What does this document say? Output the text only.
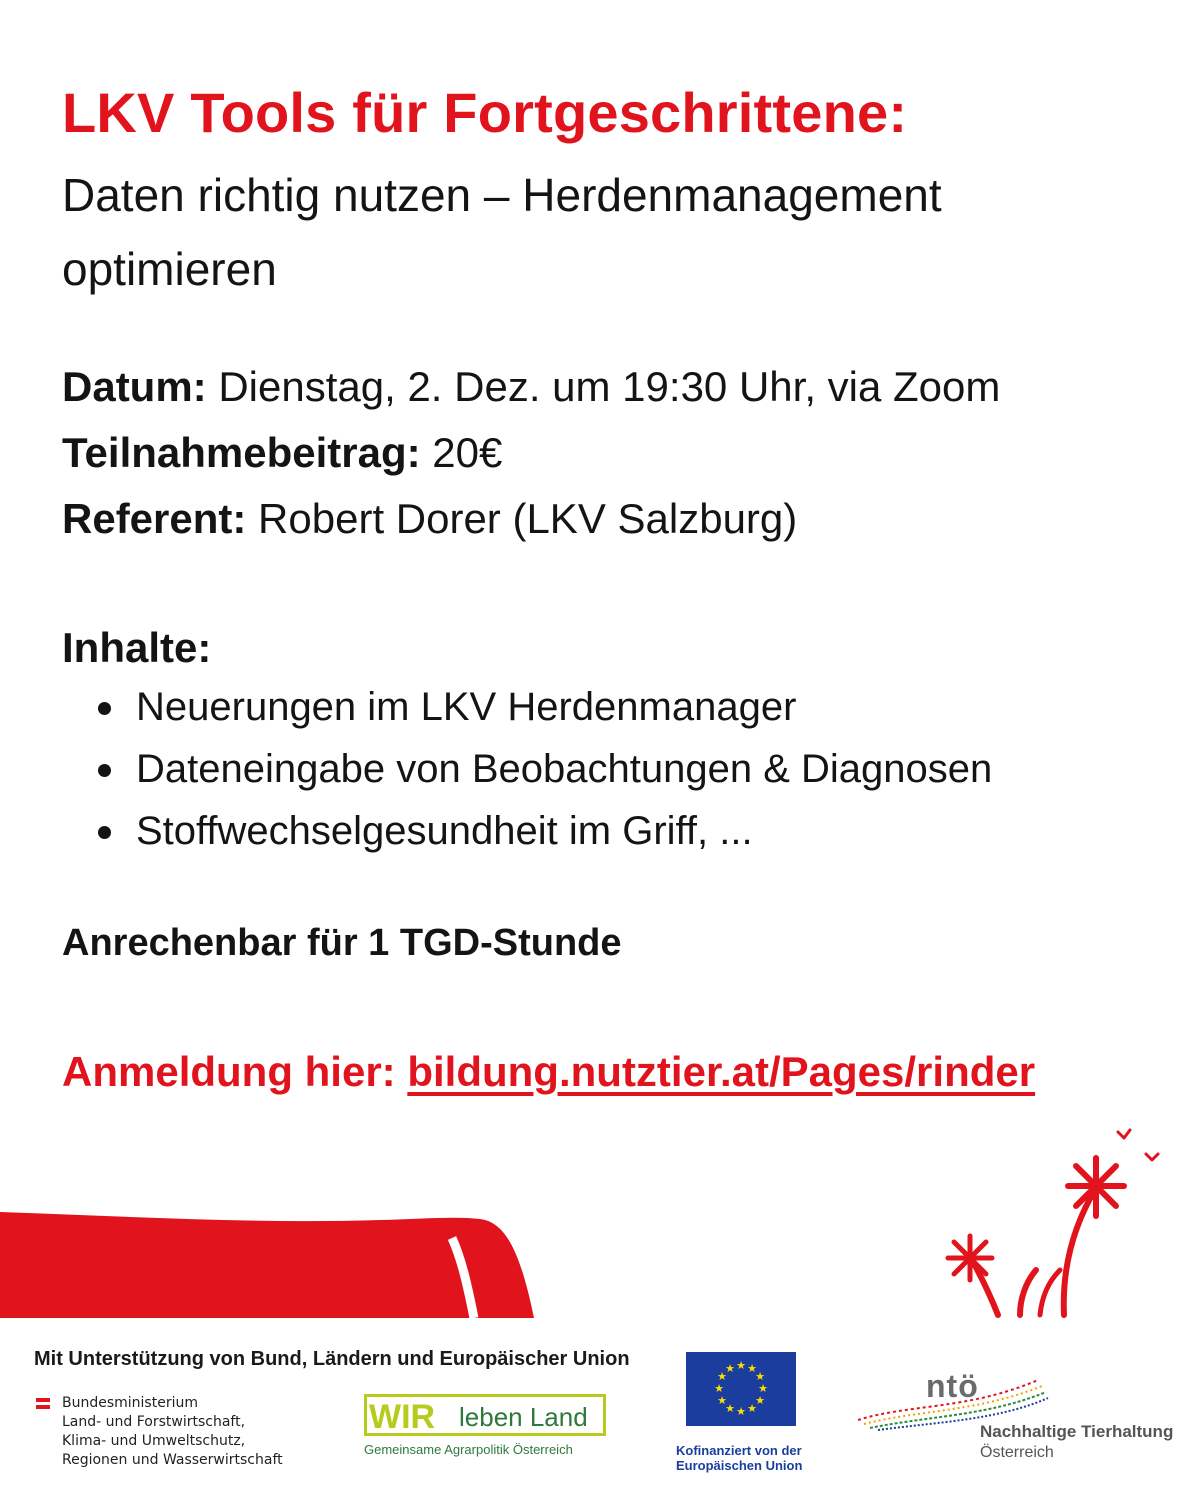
LKV Tools für Fortgeschrittene:

Daten richtig nutzen – Herdenmanagement optimieren

Datum: Dienstag, 2. Dez. um 19:30 Uhr, via Zoom
Teilnahmebeitrag: 20€
Referent: Robert Dorer (LKV Salzburg)
Inhalte:
Neuerungen im LKV Herdenmanager
Dateneingabe von Beobachtungen & Diagnosen
Stoffwechselgesundheit im Griff, ...
Anrechenbar für 1 TGD-Stunde
Anmeldung hier: bildung.nutztier.at/Pages/rinder
Mit Unterstützung von Bund, Ländern und Europäischer Union
Bundesministerium
Land- und Forstwirtschaft,
Klima- und Umweltschutz,
Regionen und Wasserwirtschaft
WIR leben Land
Gemeinsame Agrarpolitik Österreich
★ ★
★
★
★
★
★
★
★
★
★
★
Kofinanziert von der
Europäischen Union
ntö
Nachhaltige Tierhaltung
Österreich
